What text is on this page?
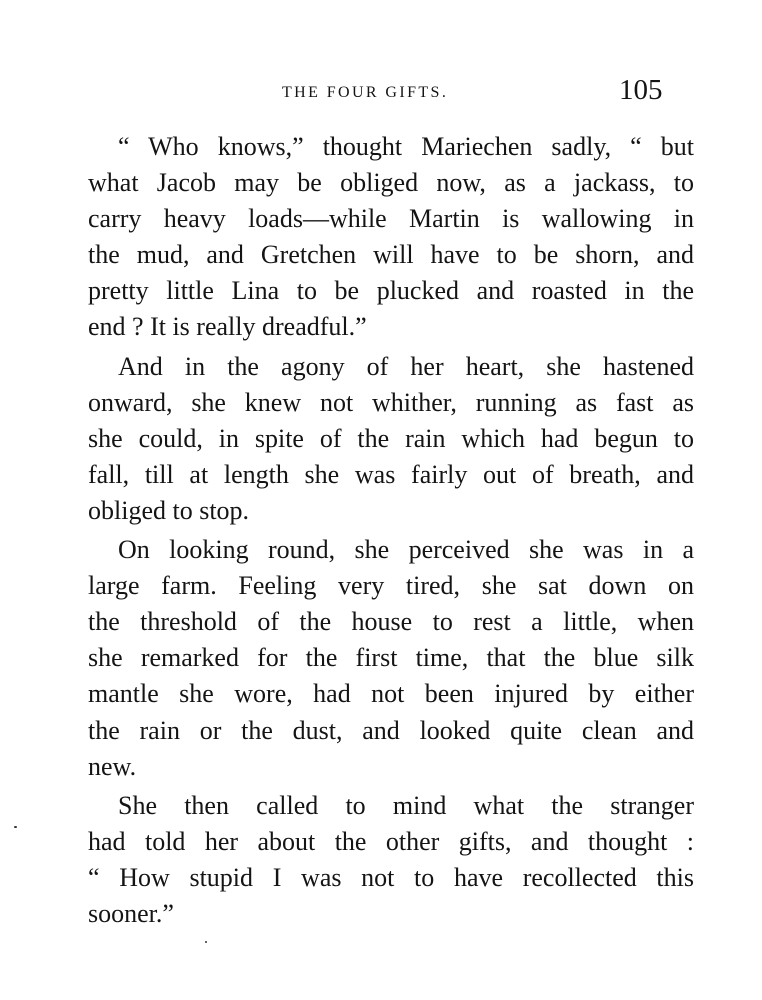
THE FOUR GIFTS.	105
“ Who knows,” thought Mariechen sadly, “ but
what Jacob may be obliged now, as a jackass, to
carry heavy loads—while Martin is wallowing in
the mud, and Gretchen will have to be shorn, and
pretty little Lina to be plucked and roasted in the
end ? It is really dreadful.”
And in the agony of her heart, she hastened
onward, she knew not whither, running as fast as
she could, in spite of the rain which had begun to
fall, till at length she was fairly out of breath, and
obliged to stop.
On looking round, she perceived she was in a
large farm. Feeling very tired, she sat down on
the threshold of the house to rest a little, when
she remarked for the first time, that the blue silk
mantle she wore, had not been injured by either
the rain or the dust, and looked quite clean and
new.
She then called to mind what the stranger
had told her about the other gifts, and thought :
“ How stupid I was not to have recollected this
sooner.”
